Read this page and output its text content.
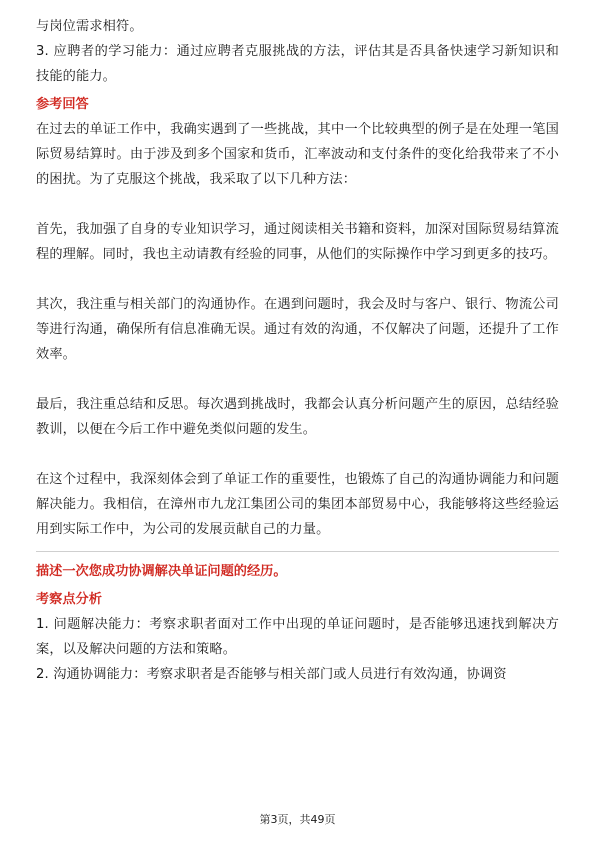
与岗位需求相符。

3. 应聘者的学习能力：通过应聘者克服挑战的方法，评估其是否具备快速学习新知识和技能的能力。

参考回答

在过去的单证工作中，我确实遇到了一些挑战，其中一个比较典型的例子是在处理一笔国际贸易结算时。由于涉及到多个国家和货币，汇率波动和支付条件的变化给我带来了不小的困扰。为了克服这个挑战，我采取了以下几种方法：

首先，我加强了自身的专业知识学习，通过阅读相关书籍和资料，加深对国际贸易结算流程的理解。同时，我也主动请教有经验的同事，从他们的实际操作中学习到更多的技巧。

其次，我注重与相关部门的沟通协作。在遇到问题时，我会及时与客户、银行、物流公司等进行沟通，确保所有信息准确无误。通过有效的沟通，不仅解决了问题，还提升了工作效率。

最后，我注重总结和反思。每次遇到挑战时，我都会认真分析问题产生的原因，总结经验教训，以便在今后工作中避免类似问题的发生。

在这个过程中，我深刻体会到了单证工作的重要性，也锻炼了自己的沟通协调能力和问题解决能力。我相信，在漳州市九龙江集团公司的集团本部贸易中心，我能够将这些经验运用到实际工作中，为公司的发展贡献自己的力量。

描述一次您成功协调解决单证问题的经历。
考察点分析

1. 问题解决能力：考察求职者面对工作中出现的单证问题时，是否能够迅速找到解决方案，以及解决问题的方法和策略。

2. 沟通协调能力：考察求职者是否能够与相关部门或人员进行有效沟通，协调资

第3页，共49页
